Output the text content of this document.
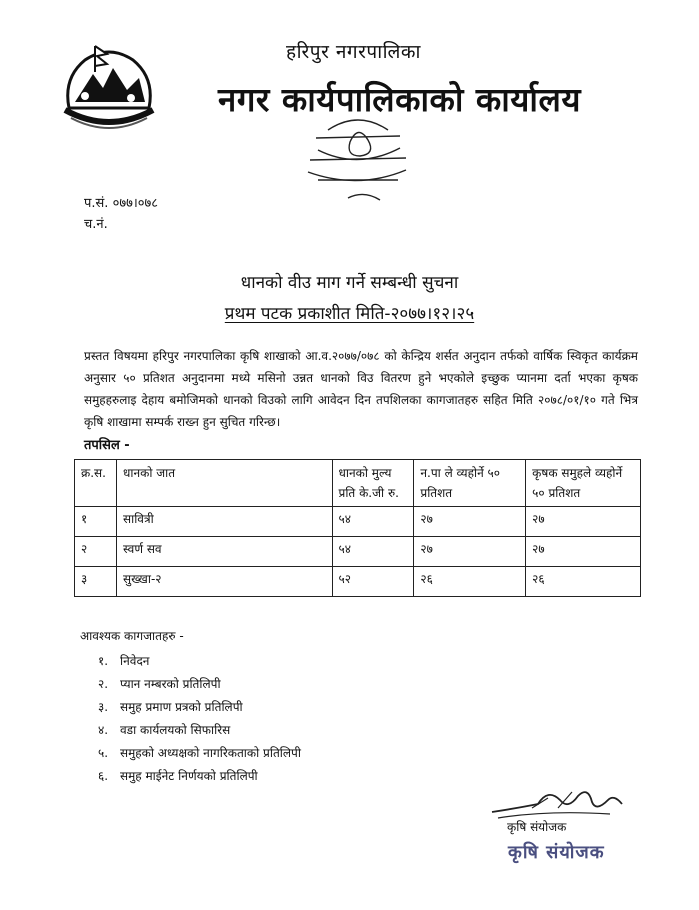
हरिपुर नगरपालिका
नगर कार्यपालिकाको कार्यालय
प.सं. ०७७।०७८
च.नं.
धानको वीउ माग गर्ने सम्बन्धी सुचना
प्रथम पटक प्रकाशीत मिति-२०७७।१२।२५
प्रस्तत विषयमा हरिपुर नगरपालिका कृषि शाखाको आ.व.२०७७/०७८ को केन्द्रिय शर्सत अनुदान तर्फको वार्षिक स्विकृत कार्यक्रम अनुसार ५० प्रतिशत अनुदानमा मध्ये मसिनो उन्नत धानको विउ वितरण हुने भएकोले इच्छुक प्यानमा दर्ता भएका कृषक समुहहरुलाइ देहाय बमोजिमको धानको विउको लागि आवेदन दिन तपशिलका कागजातहरु सहित मिति २०७८/०१/१० गते भित्र कृषि शाखामा सम्पर्क राख्न हुन सुचित गरिन्छ।
तपसिल -
क्र.स.	धानको जात	धानको मुल्य प्रति के.जी रु.	न.पा ले व्यहोर्ने ५० प्रतिशत	कृषक समुहले व्यहोर्ने ५० प्रतिशत
१	सावित्री	५४	२७	२७
२	स्वर्ण सव	५४	२७	२७
३	सुख्खा-२	५२	२६	२६
आवश्यक कागजातहरु -
१. निवेदन
२. प्यान नम्बरको प्रतिलिपी
३. समुह प्रमाण प्रत्रको प्रतिलिपी
४. वडा कार्यलयको सिफारिस
५. समुहको अध्यक्षको नागरिकताको प्रतिलिपी
६. समुह माईनेट निर्णयको प्रतिलिपी
कृषि संयोजक
कृषि संयोजक
